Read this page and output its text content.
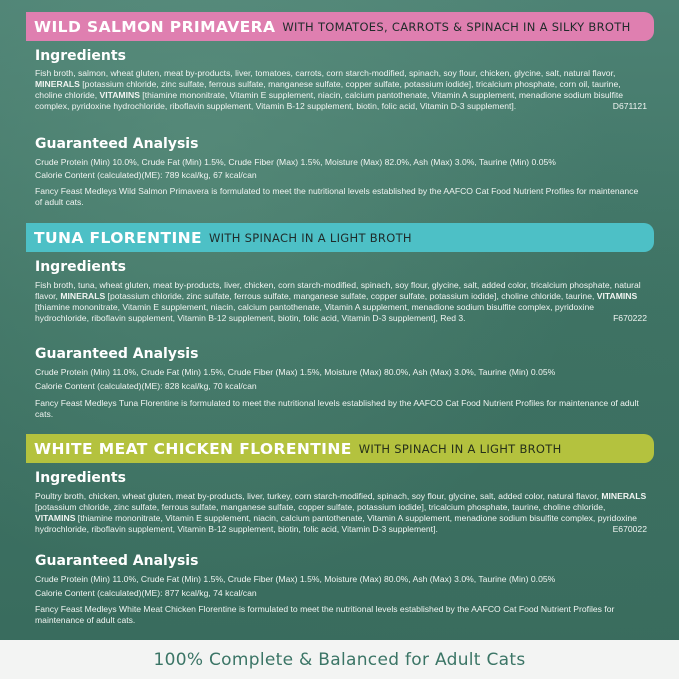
WILD SALMON PRIMAVERA WITH TOMATOES, CARROTS & SPINACH IN A SILKY BROTH
Ingredients
Fish broth, salmon, wheat gluten, meat by-products, liver, tomatoes, carrots, corn starch-modified, spinach, soy flour, chicken, glycine, salt, natural flavor, MINERALS [potassium chloride, zinc sulfate, ferrous sulfate, manganese sulfate, copper sulfate, potassium iodide], tricalcium phosphate, corn oil, taurine, choline chloride, VITAMINS [thiamine mononitrate, Vitamin E supplement, niacin, calcium pantothenate, Vitamin A supplement, menadione sodium bisulfite complex, pyridoxine hydrochloride, riboflavin supplement, Vitamin B-12 supplement, biotin, folic acid, Vitamin D-3 supplement].	D671121
Guaranteed Analysis
Crude Protein (Min) 10.0%, Crude Fat (Min) 1.5%, Crude Fiber (Max) 1.5%, Moisture (Max) 82.0%, Ash (Max) 3.0%, Taurine (Min) 0.05%
Calorie Content (calculated)(ME): 789 kcal/kg, 67 kcal/can
Fancy Feast Medleys Wild Salmon Primavera is formulated to meet the nutritional levels established by the AAFCO Cat Food Nutrient Profiles for maintenance of adult cats.
TUNA FLORENTINE WITH SPINACH IN A LIGHT BROTH
Ingredients
Fish broth, tuna, wheat gluten, meat by-products, liver, chicken, corn starch-modified, spinach, soy flour, glycine, salt, added color, tricalcium phosphate, natural flavor, MINERALS [potassium chloride, zinc sulfate, ferrous sulfate, manganese sulfate, copper sulfate, potassium iodide], choline chloride, taurine, VITAMINS [thiamine mononitrate, Vitamin E supplement, niacin, calcium pantothenate, Vitamin A supplement, menadione sodium bisulfite complex, pyridoxine hydrochloride, riboflavin supplement, Vitamin B-12 supplement, biotin, folic acid, Vitamin D-3 supplement], Red 3.	F670222
Guaranteed Analysis
Crude Protein (Min) 11.0%, Crude Fat (Min) 1.5%, Crude Fiber (Max) 1.5%, Moisture (Max) 80.0%, Ash (Max) 3.0%, Taurine (Min) 0.05%
Calorie Content (calculated)(ME): 828 kcal/kg, 70 kcal/can
Fancy Feast Medleys Tuna Florentine is formulated to meet the nutritional levels established by the AAFCO Cat Food Nutrient Profiles for maintenance of adult cats.
WHITE MEAT CHICKEN FLORENTINE WITH SPINACH IN A LIGHT BROTH
Ingredients
Poultry broth, chicken, wheat gluten, meat by-products, liver, turkey, corn starch-modified, spinach, soy flour, glycine, salt, added color, natural flavor, MINERALS [potassium chloride, zinc sulfate, ferrous sulfate, manganese sulfate, copper sulfate, potassium iodide], tricalcium phosphate, taurine, choline chloride, VITAMINS [thiamine mononitrate, Vitamin E supplement, niacin, calcium pantothenate, Vitamin A supplement, menadione sodium bisulfite complex, pyridoxine hydrochloride, riboflavin supplement, Vitamin B-12 supplement, biotin, folic acid, Vitamin D-3 supplement].	E670022
Guaranteed Analysis
Crude Protein (Min) 11.0%, Crude Fat (Min) 1.5%, Crude Fiber (Max) 1.5%, Moisture (Max) 80.0%, Ash (Max) 3.0%, Taurine (Min) 0.05%
Calorie Content (calculated)(ME): 877 kcal/kg, 74 kcal/can
Fancy Feast Medleys White Meat Chicken Florentine is formulated to meet the nutritional levels established by the AAFCO Cat Food Nutrient Profiles for maintenance of adult cats.
100% Complete & Balanced for Adult Cats
